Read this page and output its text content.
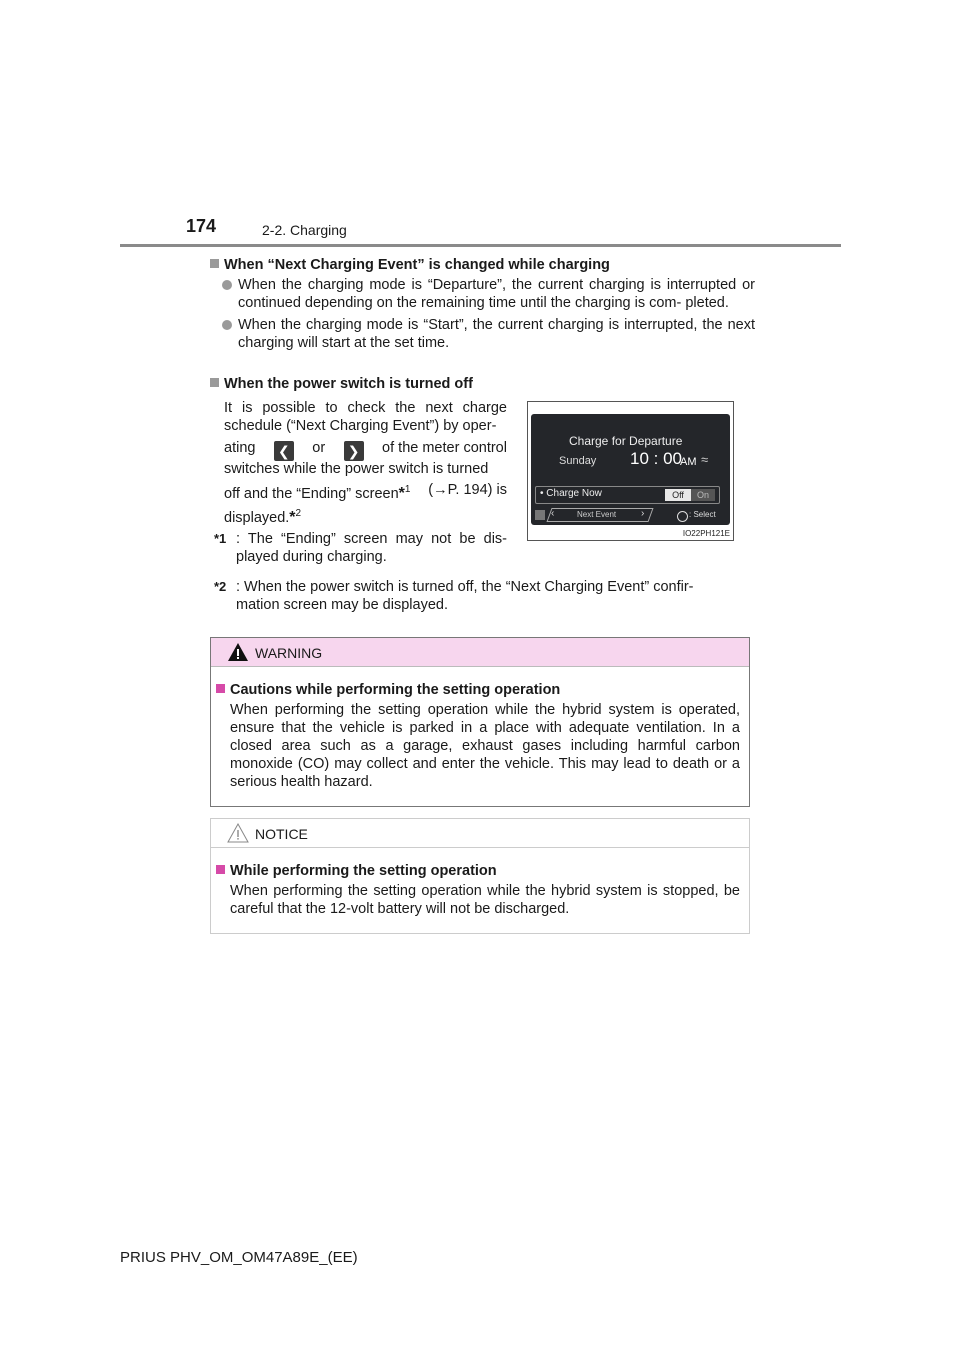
174	2-2. Charging
When “Next Charging Event” is changed while charging
When the charging mode is “Departure”, the current charging is interrupted or continued depending on the remaining time until the charging is com- pleted.
When the charging mode is “Start”, the current charging is interrupted, the next charging will start at the set time.
When the power switch is turned off
It is possible to check the next charge schedule (“Next Charging Event”) by oper-
ating	❮	or	❯	of the meter control
switches while the power switch is turned
off and the “Ending” screen*$^1$ (→P. 194) is
displayed.*$^2$
*1 : The “Ending” screen may not be dis- played during charging.
*2 : When the power switch is turned off, the “Next Charging Event” confir- mation screen may be displayed.
Charge for Departure
Sunday 10 : 00
AM ≈
• Charge Now	Off	On
‹	Next Event ›	: Select
IO22PH121E
WARNING
Cautions while performing the setting operation
When performing the setting operation while the hybrid system is operated, ensure that the vehicle is parked in a place with adequate ventilation. In a closed area such as a garage, exhaust gases including harmful carbon monoxide (CO) may collect and enter the vehicle. This may lead to death or a serious health hazard.
NOTICE
While performing the setting operation
When performing the setting operation while the hybrid system is stopped, be careful that the 12-volt battery will not be discharged.
PRIUS PHV_OM_OM47A89E_(EE)
